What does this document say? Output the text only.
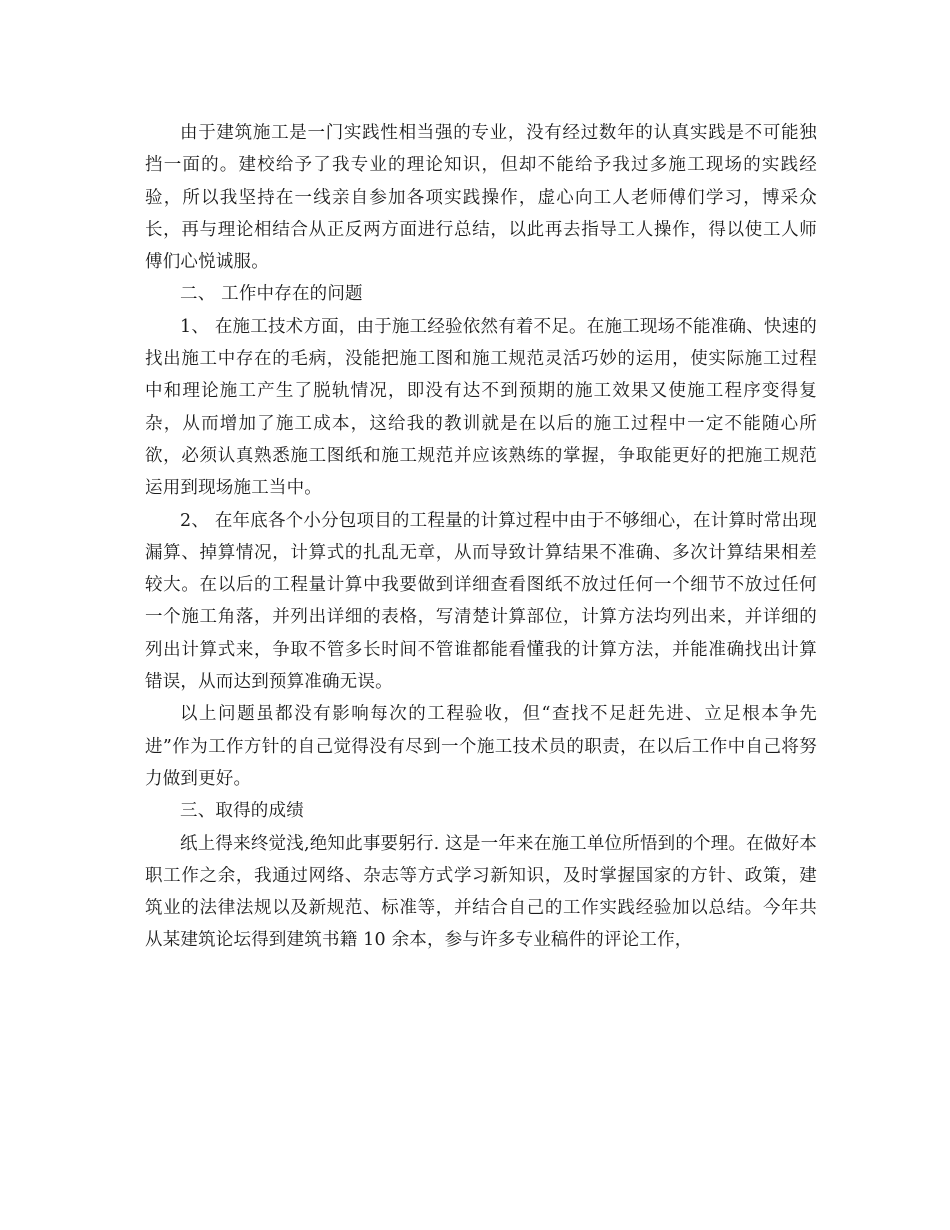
由于建筑施工是一门实践性相当强的专业，没有经过数年的认真实践是不可能独挡一面的。建校给予了我专业的理论知识，但却不能给予我过多施工现场的实践经验，所以我坚持在一线亲自参加各项实践操作，虚心向工人老师傅们学习，博采众长，再与理论相结合从正反两方面进行总结，以此再去指导工人操作，得以使工人师傅们心悦诚服。

二、 工作中存在的问题

1、 在施工技术方面，由于施工经验依然有着不足。在施工现场不能准确、快速的找出施工中存在的毛病，没能把施工图和施工规范灵活巧妙的运用，使实际施工过程中和理论施工产生了脱轨情况，即没有达不到预期的施工效果又使施工程序变得复杂，从而增加了施工成本，这给我的教训就是在以后的施工过程中一定不能随心所欲，必须认真熟悉施工图纸和施工规范并应该熟练的掌握，争取能更好的把施工规范运用到现场施工当中。

2、 在年底各个小分包项目的工程量的计算过程中由于不够细心，在计算时常出现漏算、掉算情况，计算式的扎乱无章，从而导致计算结果不准确、多次计算结果相差较大。在以后的工程量计算中我要做到详细查看图纸不放过任何一个细节不放过任何一个施工角落，并列出详细的表格，写清楚计算部位，计算方法均列出来，并详细的列出计算式来，争取不管多长时间不管谁都能看懂我的计算方法，并能准确找出计算错误，从而达到预算准确无误。

以上问题虽都没有影响每次的工程验收，但“查找不足赶先进、立足根本争先进”作为工作方针的自己觉得没有尽到一个施工技术员的职责，在以后工作中自己将努力做到更好。

三、取得的成绩

纸上得来终觉浅,绝知此事要躬行. 这是一年来在施工单位所悟到的个理。在做好本职工作之余，我通过网络、杂志等方式学习新知识，及时掌握国家的方针、政策，建筑业的法律法规以及新规范、标准等，并结合自己的工作实践经验加以总结。今年共从某建筑论坛得到建筑书籍 10 余本，参与许多专业稿件的评论工作，
